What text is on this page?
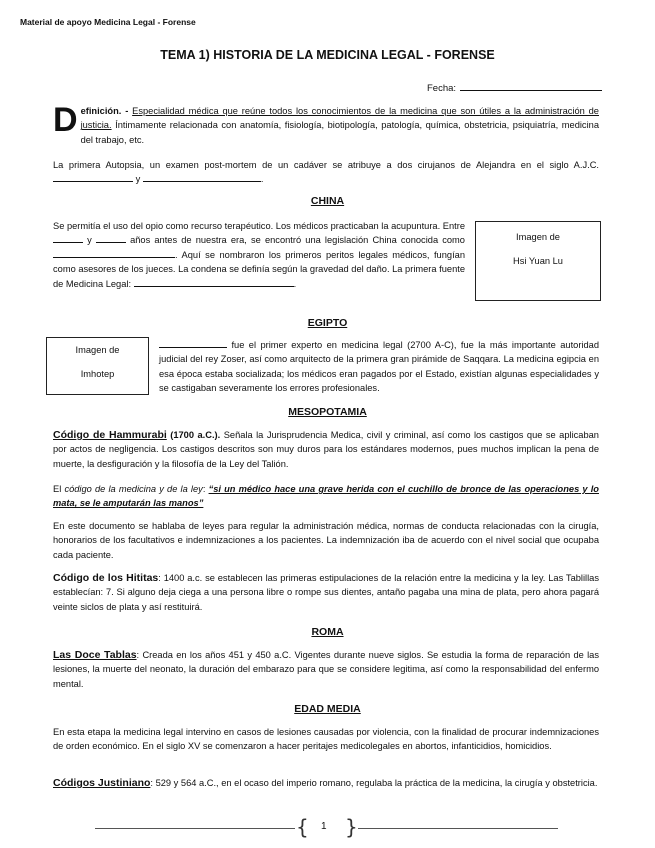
Material de apoyo Medicina Legal - Forense
TEMA 1) HISTORIA DE LA MEDICINA LEGAL - FORENSE
Fecha:

Definición. - Especialidad médica que reúne todos los conocimientos de la medicina que son útiles a la administración de justicia. Íntimamente relacionada con anatomía, fisiología, biotipología, patología, química, obstetricia, psiquiatría, medicina del trabajo, etc.

La primera Autopsia, un examen post-mortem de un cadáver se atribuye a dos cirujanos de Alejandra en el siglo A.J.C.  y	.

CHINA

Se permitía el uso del opio como recurso terapéutico. Los médicos practicaban la acupuntura. Entre  y	años antes de nuestra era, se encontró una legislación China conocida como . Aquí se nombraron los primeros peritos legales médicos, fungían como asesores de los jueces. La condena se definía según la gravedad del daño. La primera fuente de Medicina Legal:	.

Imagen de
Hsi Yuan Lu
EGIPTO
Imagen de
Imhotep

fue el primer experto en medicina legal (2700 A-C), fue la más importante autoridad judicial del rey Zoser, así como arquitecto de la primera gran pirámide de Saqqara. La medicina egipcia en esa época estaba socializada; los médicos eran pagados por el Estado, existían algunas especialidades y se castigaban severamente los errores profesionales.

MESOPOTAMIA

Código de Hammurabi (1700 a.C.). Señala la Jurisprudencia Medica, civil y criminal, así como los castigos que se aplicaban por actos de negligencia. Los castigos descritos son muy duros para los estándares modernos, pues muchos implican la pena de muerte, la desfiguración y la filosofía de la Ley del Talión.

El código de la medicina y de la ley: “si un médico hace una grave herida con el cuchillo de bronce de las operaciones y lo mata, se le amputarán las manos”

En este documento se hablaba de leyes para regular la administración médica, normas de conducta relacionadas con la cirugía, honorarios de los facultativos e indemnizaciones a los pacientes. La indemnización iba de acuerdo con el nivel social que ocupaba cada paciente.

Código de los Hititas: 1400 a.c. se establecen las primeras estipulaciones de la relación entre la medicina y la ley. Las Tablillas establecían: 7. Si alguno deja ciega a una persona libre o rompe sus dientes, antaño pagaba una mina de plata, pero ahora pagará veinte siclos de plata y así restituirá.

ROMA

Las Doce Tablas: Creada en los años 451 y 450 a.C. Vigentes durante nueve siglos. Se estudia la forma de reparación de las lesiones, la muerte del neonato, la duración del embarazo para que se considere legitima, así como la responsabilidad del enfermo mental.

EDAD MEDIA

En esta etapa la medicina legal intervino en casos de lesiones causadas por violencia, con la finalidad de procurar indemnizaciones de orden económico. En el siglo XV se comenzaron a hacer peritajes medicolegales en abortos, infanticidios, homicidios.

Códigos Justiniano: 529 y 564 a.C., en el ocaso del imperio romano, regulaba la práctica de la medicina, la cirugía y obstetricia.

{ 1 }
